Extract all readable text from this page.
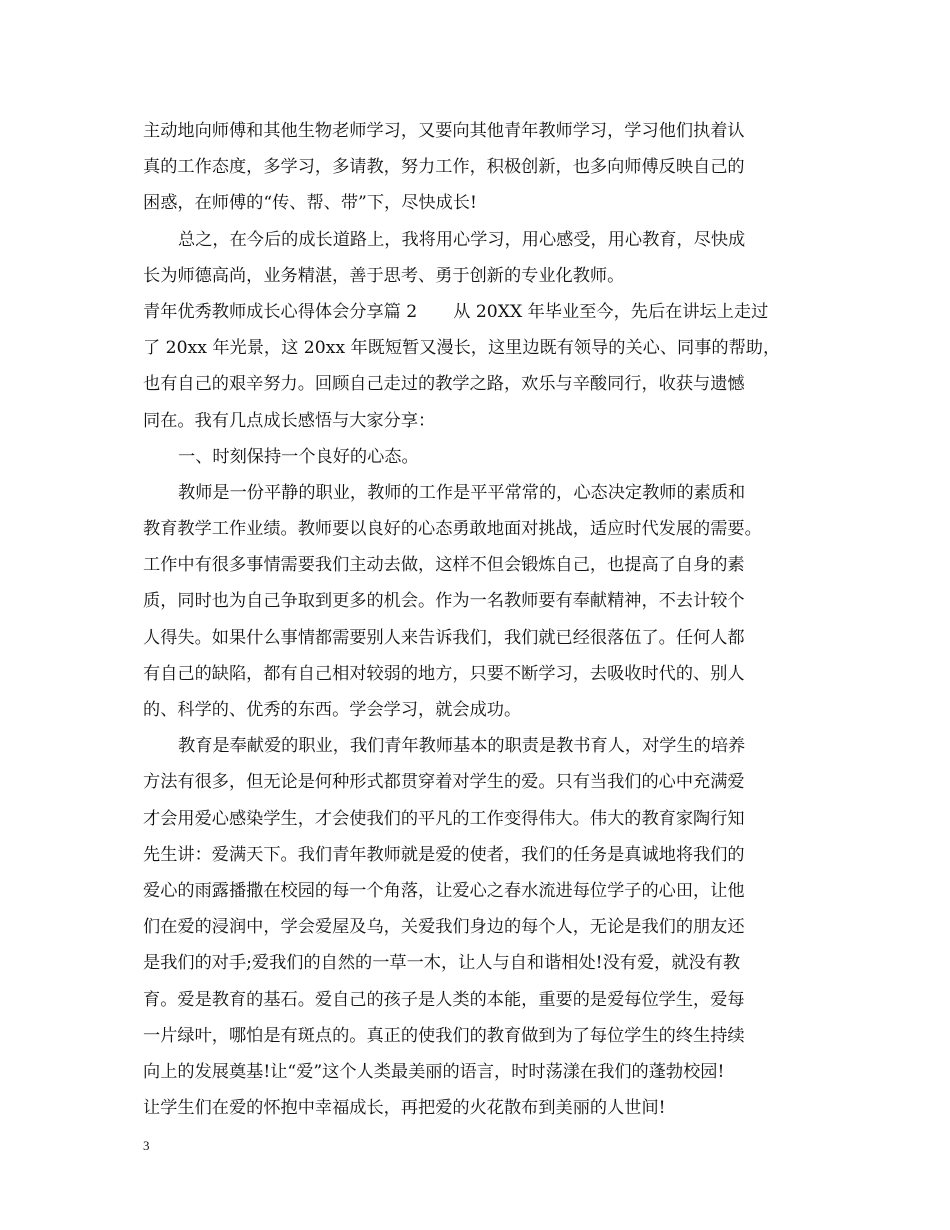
主动地向师傅和其他生物老师学习，又要向其他青年教师学习，学习他们执着认
真的工作态度，多学习，多请教，努力工作，积极创新，也多向师傅反映自己的
困惑，在师傅的“传、帮、带”下，尽快成长!
总之，在今后的成长道路上，我将用心学习，用心感受，用心教育，尽快成
长为师德高尚，业务精湛，善于思考、勇于创新的专业化教师。
青年优秀教师成长心得体会分享篇 2 从 20XX 年毕业至今，先后在讲坛上走过
了 20xx 年光景，这 20xx 年既短暂又漫长，这里边既有领导的关心、同事的帮助，
也有自己的艰辛努力。回顾自己走过的教学之路，欢乐与辛酸同行，收获与遗憾
同在。我有几点成长感悟与大家分享：
一、时刻保持一个良好的心态。
教师是一份平静的职业，教师的工作是平平常常的，心态决定教师的素质和
教育教学工作业绩。教师要以良好的心态勇敢地面对挑战，适应时代发展的需要。
工作中有很多事情需要我们主动去做，这样不但会锻炼自己，也提高了自身的素
质，同时也为自己争取到更多的机会。作为一名教师要有奉献精神，不去计较个
人得失。如果什么事情都需要别人来告诉我们，我们就已经很落伍了。任何人都
有自己的缺陷，都有自己相对较弱的地方，只要不断学习，去吸收时代的、别人
的、科学的、优秀的东西。学会学习，就会成功。
教育是奉献爱的职业，我们青年教师基本的职责是教书育人，对学生的培养
方法有很多，但无论是何种形式都贯穿着对学生的爱。只有当我们的心中充满爱
才会用爱心感染学生，才会使我们的平凡的工作变得伟大。伟大的教育家陶行知
先生讲：爱满天下。我们青年教师就是爱的使者，我们的任务是真诚地将我们的
爱心的雨露播撒在校园的每一个角落，让爱心之春水流进每位学子的心田，让他
们在爱的浸润中，学会爱屋及乌，关爱我们身边的每个人，无论是我们的朋友还
是我们的对手;爱我们的自然的一草一木，让人与自和谐相处!没有爱，就没有教
育。爱是教育的基石。爱自己的孩子是人类的本能，重要的是爱每位学生，爱每
一片绿叶，哪怕是有斑点的。真正的使我们的教育做到为了每位学生的终生持续
向上的发展奠基!让“爱”这个人类最美丽的语言，时时荡漾在我们的蓬勃校园!
让学生们在爱的怀抱中幸福成长，再把爱的火花散布到美丽的人世间!
3
